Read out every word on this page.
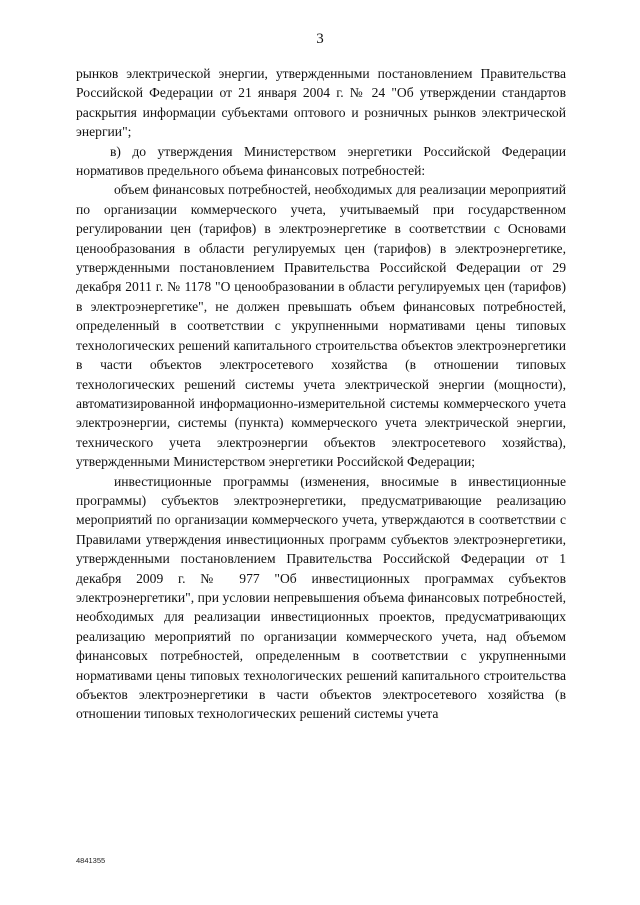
3

рынков электрической энергии, утвержденными постановлением Правительства Российской Федерации от 21 января 2004 г. № 24 "Об утверждении стандартов раскрытия информации субъектами оптового и розничных рынков электрической энергии";

в) до утверждения Министерством энергетики Российской Федерации нормативов предельного объема финансовых потребностей:

объем финансовых потребностей, необходимых для реализации мероприятий по организации коммерческого учета, учитываемый при государственном регулировании цен (тарифов) в электроэнергетике в соответствии с Основами ценообразования в области регулируемых цен (тарифов) в электроэнергетике, утвержденными постановлением Правительства Российской Федерации от 29 декабря 2011 г. № 1178 "О ценообразовании в области регулируемых цен (тарифов) в электроэнергетике", не должен превышать объем финансовых потребностей, определенный в соответствии с укрупненными нормативами цены типовых технологических решений капитального строительства объектов электроэнергетики в части объектов электросетевого хозяйства (в отношении типовых технологических решений системы учета электрической энергии (мощности), автоматизированной информационно-измерительной системы коммерческого учета электроэнергии, системы (пункта) коммерческого учета электрической энергии, технического учета электроэнергии объектов электросетевого хозяйства), утвержденными Министерством энергетики Российской Федерации;

инвестиционные программы (изменения, вносимые в инвестиционные программы) субъектов электроэнергетики, предусматривающие реализацию мероприятий по организации коммерческого учета, утверждаются в соответствии с Правилами утверждения инвестиционных программ субъектов электроэнергетики, утвержденными постановлением Правительства Российской Федерации от 1 декабря 2009 г. № 977 "Об инвестиционных программах субъектов электроэнергетики", при условии непревышения объема финансовых потребностей, необходимых для реализации инвестиционных проектов, предусматривающих реализацию мероприятий по организации коммерческого учета, над объемом финансовых потребностей, определенным в соответствии с укрупненными нормативами цены типовых технологических решений капитального строительства объектов электроэнергетики в части объектов электросетевого хозяйства (в отношении типовых технологических решений системы учета

4841355
